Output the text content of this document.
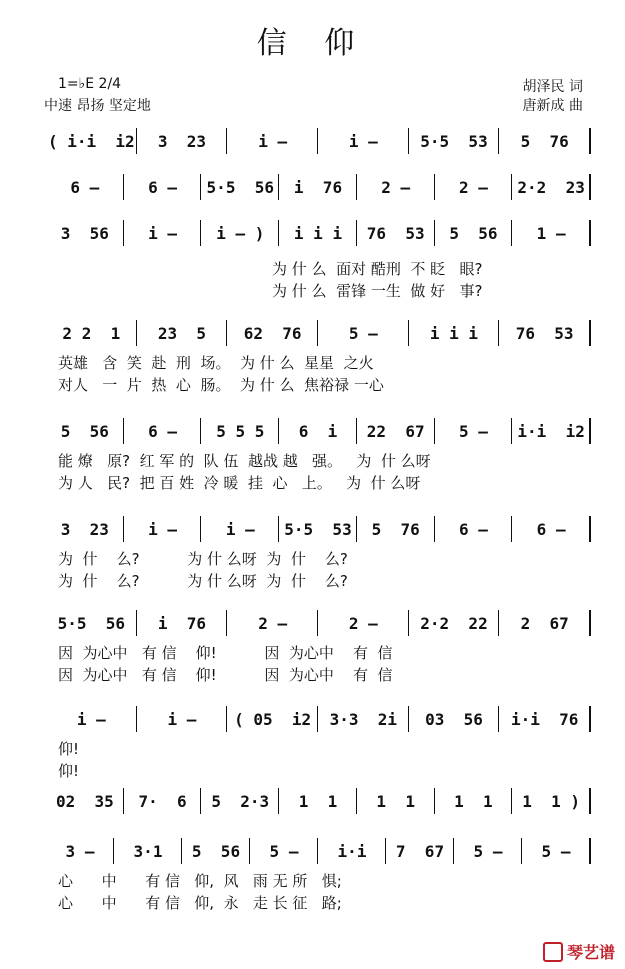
信 仰
1=♭E 2/4
中速 昂扬 坚定地
胡泽民 词
唐新成 曲
( i·i  i2	3  23	i –	i –	5·5  53	5  76
6 –	6 –	5·5  56	i  76	2 –	2 –	2·2  23
3  56	i –	i – )	i i i	76  53	5  56	1 –
为 什 么  面对 酷刑  不 眨   眼?
为 什 么  雷锋 一生  做 好   事?
2 2  1	23  5	62  76	5 –	i i i	76  53
英雄   含  笑  赴  刑  场。  为 什 么  星星  之火
对人   一  片  热  心  肠。  为 什 么  焦裕禄 一心
5  56	6 –	5 5 5	6  i	22  67	5 –	i·i  i2
能 燎   原?  红 军 的  队 伍  越战 越   强。   为  什 么呀
为 人   民?  把 百 姓  冷 暖  挂  心   上。   为  什 么呀
3  23	i –	i –	5·5  53	5  76	6 –	6 –
为  什    么?          为 什 么呀  为  什    么?
为  什    么?          为 什 么呀  为  什    么?
5·5  56	i  76	2 –	2 –	2·2  22	2  67
因  为心中   有 信    仰!          因  为心中    有  信
因  为心中   有 信    仰!          因  为心中    有  信
i –	i –	( 05  i2	3·3  2i	03  56	i·i  76
仰!
仰!
02  35	7·  6	5  2·3	1  1	1  1	1  1	1  1 )
3 –	3·1	5  56	5 –	i·i	7  67	5 –	5 –
心      中      有 信   仰,  风   雨 无 所   惧;
心      中      有 信   仰,  永   走 长 征   路;
琴艺谱
